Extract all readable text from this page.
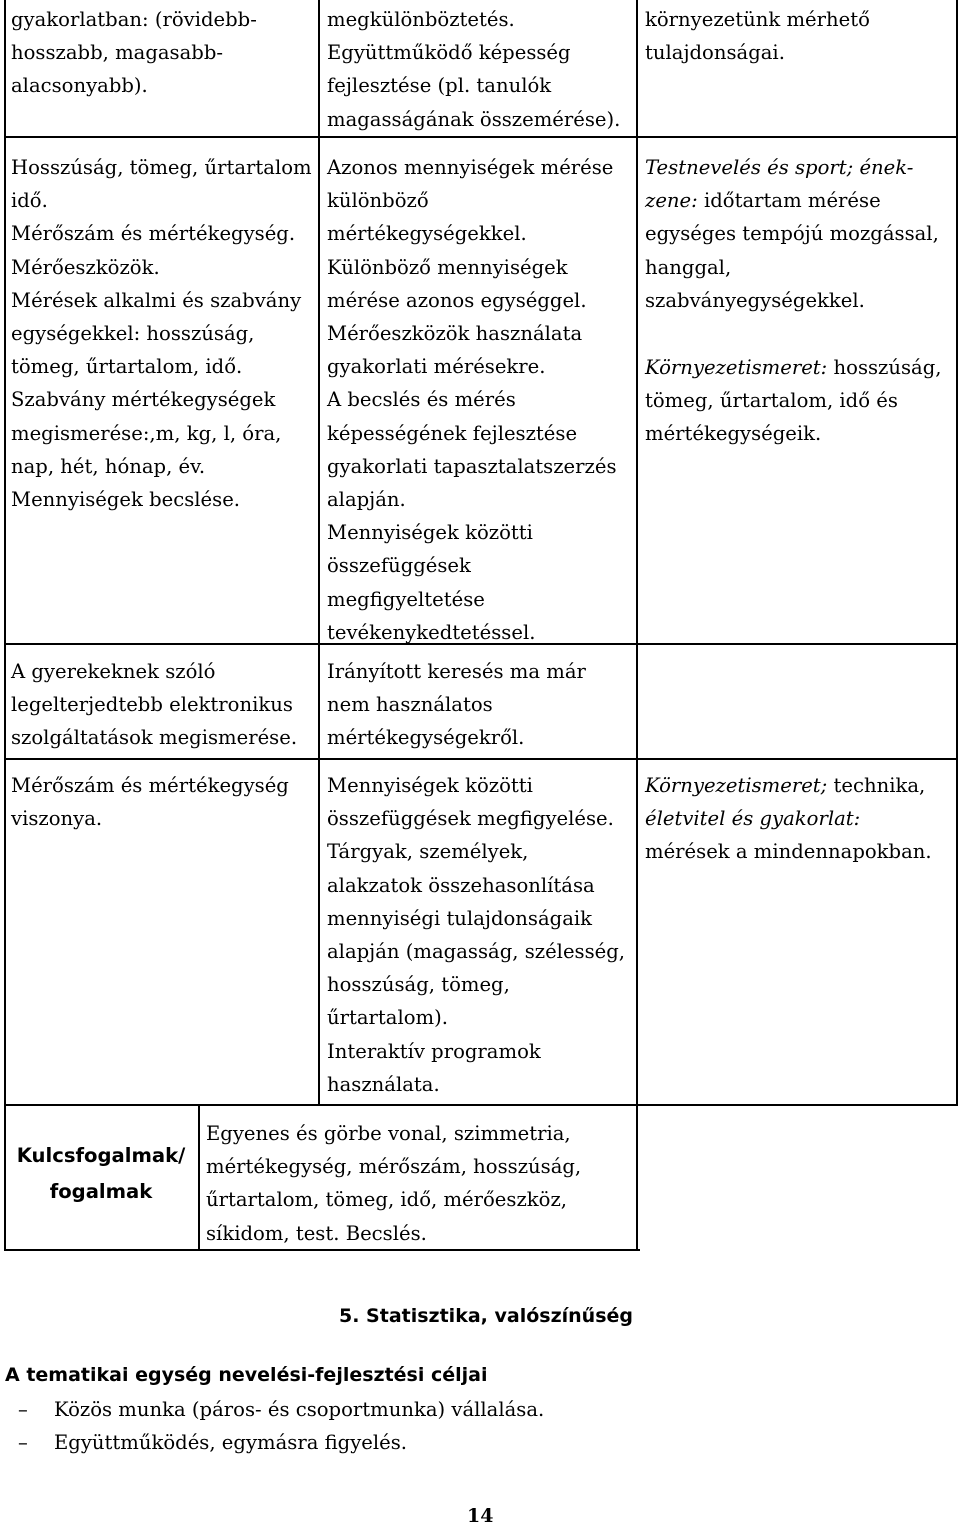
gyakorlatban: (rövidebb-
hosszabb, magasabb-
alacsonyabb).
megkülönböztetés.
Együttműködő képesség
fejlesztése (pl. tanulók
magasságának összemérése).
környezetünk mérhető
tulajdonságai.
Hosszúság, tömeg, űrtartalom
idő.
Mérőszám és mértékegység.
Mérőeszközök.
Mérések alkalmi és szabvány
egységekkel: hosszúság,
tömeg, űrtartalom, idő.
Szabvány mértékegységek
megismerése:,m, kg, l, óra,
nap, hét, hónap, év.
Mennyiségek becslése.
Azonos mennyiségek mérése
különböző
mértékegységekkel.
Különböző mennyiségek
mérése azonos egységgel.
Mérőeszközök használata
gyakorlati mérésekre.
A becslés és mérés
képességének fejlesztése
gyakorlati tapasztalatszerzés
alapján.
Mennyiségek közötti
összefüggések
megfigyeltetése
tevékenykedtetéssel.
Testnevelés és sport; ének-
zene: időtartam mérése
egységes tempójú mozgással,
hanggal,
szabványegységekkel.
Környezetismeret: hosszúság,
tömeg, űrtartalom, idő és
mértékegységeik.
A gyerekeknek szóló
legelterjedtebb elektronikus
szolgáltatások megismerése.
Irányított keresés ma már
nem használatos
mértékegységekről.
Mérőszám és mértékegység
viszonya.
Mennyiségek közötti
összefüggések megfigyelése.
Tárgyak, személyek,
alakzatok összehasonlítása
mennyiségi tulajdonságaik
alapján (magasság, szélesség,
hosszúság, tömeg,
űrtartalom).
Interaktív programok
használata.
Környezetismeret; technika,
életvitel és gyakorlat:
mérések a mindennapokban.
Kulcsfogalmak/
fogalmak
Egyenes és görbe vonal, szimmetria,
mértékegység, mérőszám, hosszúság,
űrtartalom, tömeg, idő, mérőeszköz,
síkidom, test. Becslés.
5. Statisztika, valószínűség
A tematikai egység nevelési-fejlesztési céljai
– Közös munka (páros- és csoportmunka) vállalása.
– Együttműködés, egymásra figyelés.
14
